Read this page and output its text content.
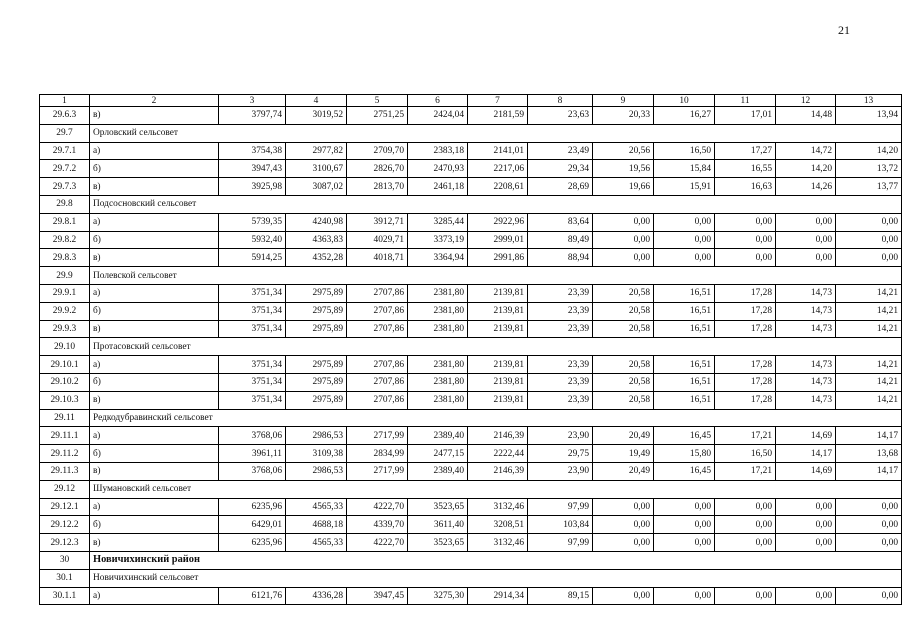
21
1	2	3	4	5	6	7	8	9	10	11	12	13
29.6.3	в)	3797,74	3019,52	2751,25	2424,04	2181,59	23,63	20,33	16,27	17,01	14,48	13,94
29.7	Орловский сельсовет											
29.7.1	а)	3754,38	2977,82	2709,70	2383,18	2141,01	23,49	20,56	16,50	17,27	14,72	14,20
29.7.2	б)	3947,43	3100,67	2826,70	2470,93	2217,06	29,34	19,56	15,84	16,55	14,20	13,72
29.7.3	в)	3925,98	3087,02	2813,70	2461,18	2208,61	28,69	19,66	15,91	16,63	14,26	13,77
29.8	Подсосновский сельсовет											
29.8.1	а)	5739,35	4240,98	3912,71	3285,44	2922,96	83,64	0,00	0,00	0,00	0,00	0,00
29.8.2	б)	5932,40	4363,83	4029,71	3373,19	2999,01	89,49	0,00	0,00	0,00	0,00	0,00
29.8.3	в)	5914,25	4352,28	4018,71	3364,94	2991,86	88,94	0,00	0,00	0,00	0,00	0,00
29.9	Полевской сельсовет											
29.9.1	а)	3751,34	2975,89	2707,86	2381,80	2139,81	23,39	20,58	16,51	17,28	14,73	14,21
29.9.2	б)	3751,34	2975,89	2707,86	2381,80	2139,81	23,39	20,58	16,51	17,28	14,73	14,21
29.9.3	в)	3751,34	2975,89	2707,86	2381,80	2139,81	23,39	20,58	16,51	17,28	14,73	14,21
29.10	Протасовский сельсовет											
29.10.1	а)	3751,34	2975,89	2707,86	2381,80	2139,81	23,39	20,58	16,51	17,28	14,73	14,21
29.10.2	б)	3751,34	2975,89	2707,86	2381,80	2139,81	23,39	20,58	16,51	17,28	14,73	14,21
29.10.3	в)	3751,34	2975,89	2707,86	2381,80	2139,81	23,39	20,58	16,51	17,28	14,73	14,21
29.11	Редкодубравинский сельсовет											
29.11.1	а)	3768,06	2986,53	2717,99	2389,40	2146,39	23,90	20,49	16,45	17,21	14,69	14,17
29.11.2	б)	3961,11	3109,38	2834,99	2477,15	2222,44	29,75	19,49	15,80	16,50	14,17	13,68
29.11.3	в)	3768,06	2986,53	2717,99	2389,40	2146,39	23,90	20,49	16,45	17,21	14,69	14,17
29.12	Шумановский сельсовет											
29.12.1	а)	6235,96	4565,33	4222,70	3523,65	3132,46	97,99	0,00	0,00	0,00	0,00	0,00
29.12.2	б)	6429,01	4688,18	4339,70	3611,40	3208,51	103,84	0,00	0,00	0,00	0,00	0,00
29.12.3	в)	6235,96	4565,33	4222,70	3523,65	3132,46	97,99	0,00	0,00	0,00	0,00	0,00
30	Новичихинский район											
30.1	Новичихинский сельсовет											
30.1.1	а)	6121,76	4336,28	3947,45	3275,30	2914,34	89,15	0,00	0,00	0,00	0,00	0,00
